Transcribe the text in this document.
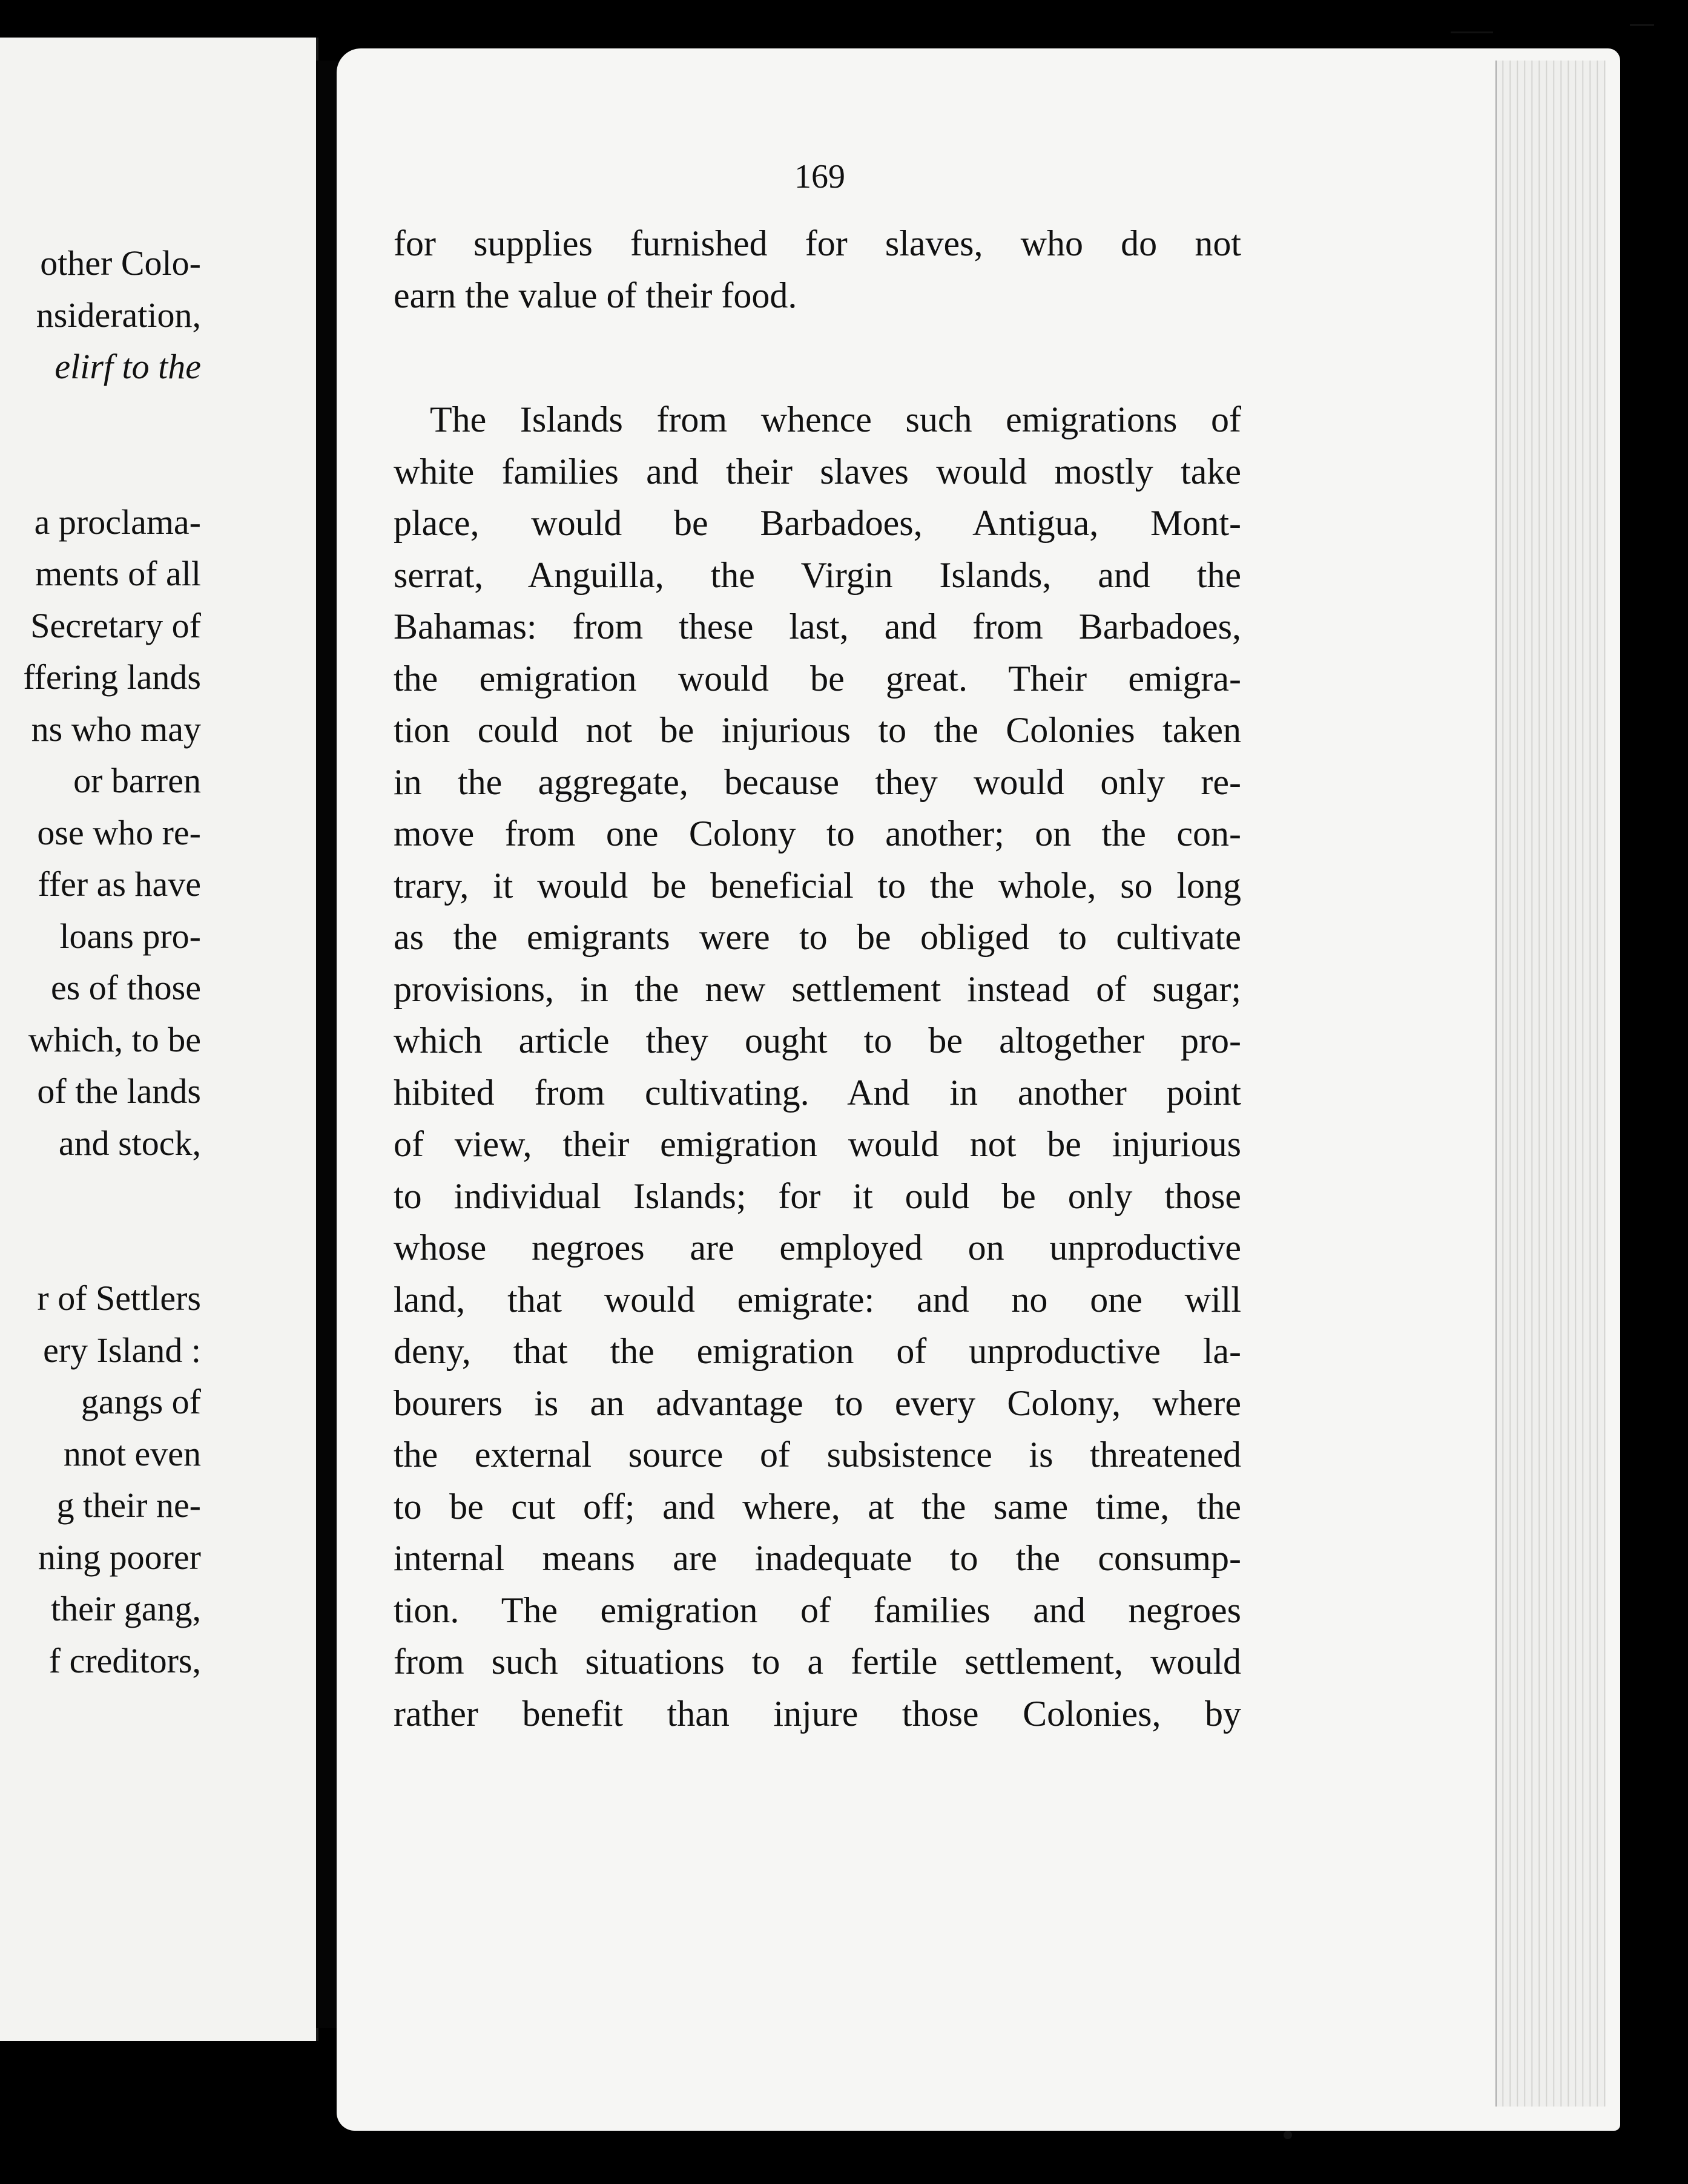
other Colo-
nsideration,
elirf to the
a proclama-
ments of all
Secretary of
ffering lands
ns who may
or barren
ose who re-
ffer as have
loans pro-
es of those
which, to be
of the lands
and stock,
r of Settlers
ery Island :
gangs of
nnot even
g their ne-
ning poorer
their gang,
f creditors,
169
for supplies furnished for slaves, who do not
earn the value of their food.
The Islands from whence such emigrations of
white families and their slaves would mostly take
place, would be Barbadoes, Antigua, Mont-
serrat, Anguilla, the Virgin Islands, and the
Bahamas: from these last, and from Barbadoes,
the emigration would be great. Their emigra-
tion could not be injurious to the Colonies taken
in the aggregate, because they would only re-
move from one Colony to another; on the con-
trary, it would be beneficial to the whole, so long
as the emigrants were to be obliged to cultivate
provisions, in the new settlement instead of sugar;
which article they ought to be altogether pro-
hibited from cultivating. And in another point
of view, their emigration would not be injurious
to individual Islands; for it ould be only those
whose negroes are employed on unproductive
land, that would emigrate: and no one will
deny, that the emigration of unproductive la-
bourers is an advantage to every Colony, where
the external source of subsistence is threatened
to be cut off; and where, at the same time, the
internal means are inadequate to the consump-
tion. The emigration of families and negroes
from such situations to a fertile settlement, would
rather benefit than injure those Colonies, by
